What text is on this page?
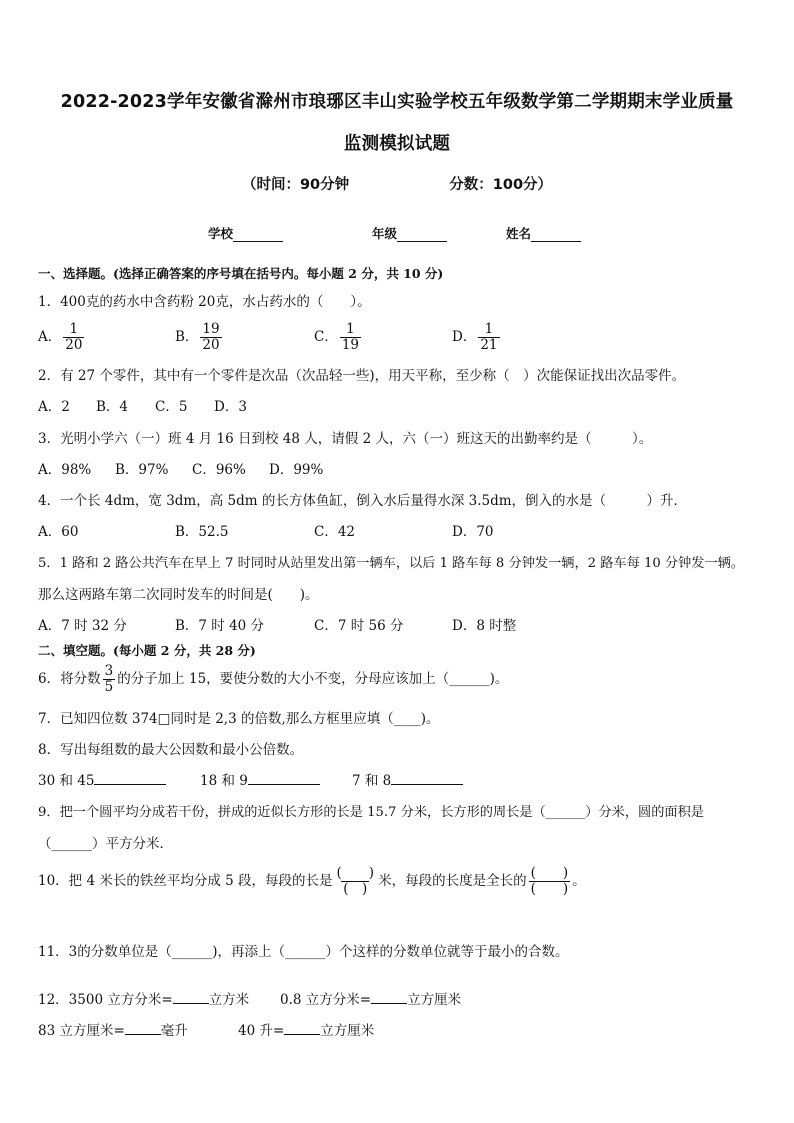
2022-2023学年安徽省滁州市琅琊区丰山实验学校五年级数学第二学期期末学业质量
监测模拟试题
（时间：90分钟	分数：100分）
学校	年级	姓名
一、选择题。(选择正确答案的序号填在括号内。每小题 2 分，共 10 分)
1．400克的药水中含药粉 20克，水占药水的（　　）。
A． $\frac{1}{20}$	B． $\frac{19}{20}$	C． $\frac{1}{19}$	D． $\frac{1}{21}$
2．有 27 个零件，其中有一个零件是次品（次品轻一些)，用天平称，至少称（　）次能保证找出次品零件。
A．2 B．4 C．5 D．3
3．光明小学六（一）班 4 月 16 日到校 48 人，请假 2 人，六（一）班这天的出勤率约是（　　　）。
A．98% B．97% C．96% D．99%
4．一个长 4dm，宽 3dm，高 5dm 的长方体鱼缸，倒入水后量得水深 3.5dm，倒入的水是（　　　）升．
A．60	B．52.5	C．42	D．70
5．1 路和 2 路公共汽车在早上 7 时同时从站里发出第一辆车，以后 1 路车每 8 分钟发一辆，2 路车每 10 分钟发一辆。
那么这两路车第二次同时发车的时间是(　　)。
A．7 时 32 分	B．7 时 40 分	C．7 时 56 分	D．8 时整
二、填空题。(每小题 2 分，共 28 分)
6．将分数 $\frac{3}{5}$ 的分子加上 15，要使分数的大小不变，分母应该加上（______)。
7．已知四位数 374□同时是 2,3 的倍数,那么方框里应填（____)。
8．写出每组数的最大公因数和最小公倍数。
30 和 45	18 和 9	7 和 8
9．把一个圆平均分成若干份，拼成的近似长方形的长是 15.7 分米，长方形的周长是（______）分米，圆的面积是
（______）平方分米．
10．把 4 米长的铁丝平均分成 5 段，每段的长是 $\frac{( )}{( )}$ 米，每段的长度是全长的 $\frac{( )}{( )}$ 。
11．3的分数单位是（______)，再添上（______）个这样的分数单位就等于最小的合数。
12．3500 立方分米=	立方米 0.8 立方分米=	立方厘米
83 立方厘米=	毫升	40 升=	立方厘米
